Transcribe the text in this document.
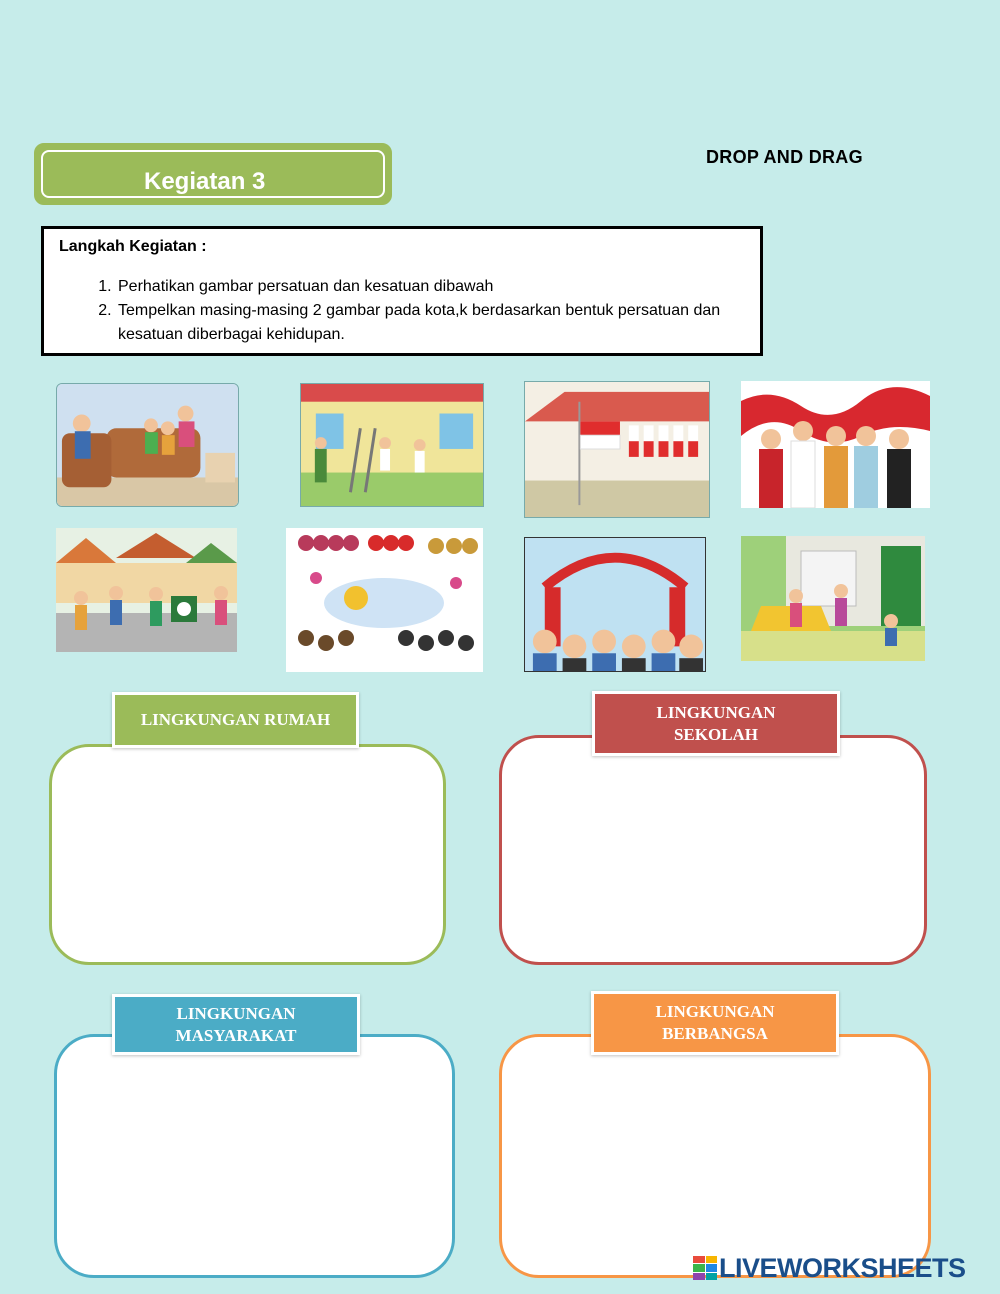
Kegiatan 3
DROP AND DRAG
Langkah Kegiatan :
1. Perhatikan gambar persatuan dan kesatuan dibawah
2. Tempelkan masing-masing 2 gambar pada kota,k berdasarkan bentuk persatuan dan kesatuan diberbagai kehidupan.
LINGKUNGAN RUMAH	LINGKUNGAN
SEKOLAH
LINGKUNGAN
MASYARAKAT
LINGKUNGAN
BERBANGSA
LIVEWORKSHEETS
